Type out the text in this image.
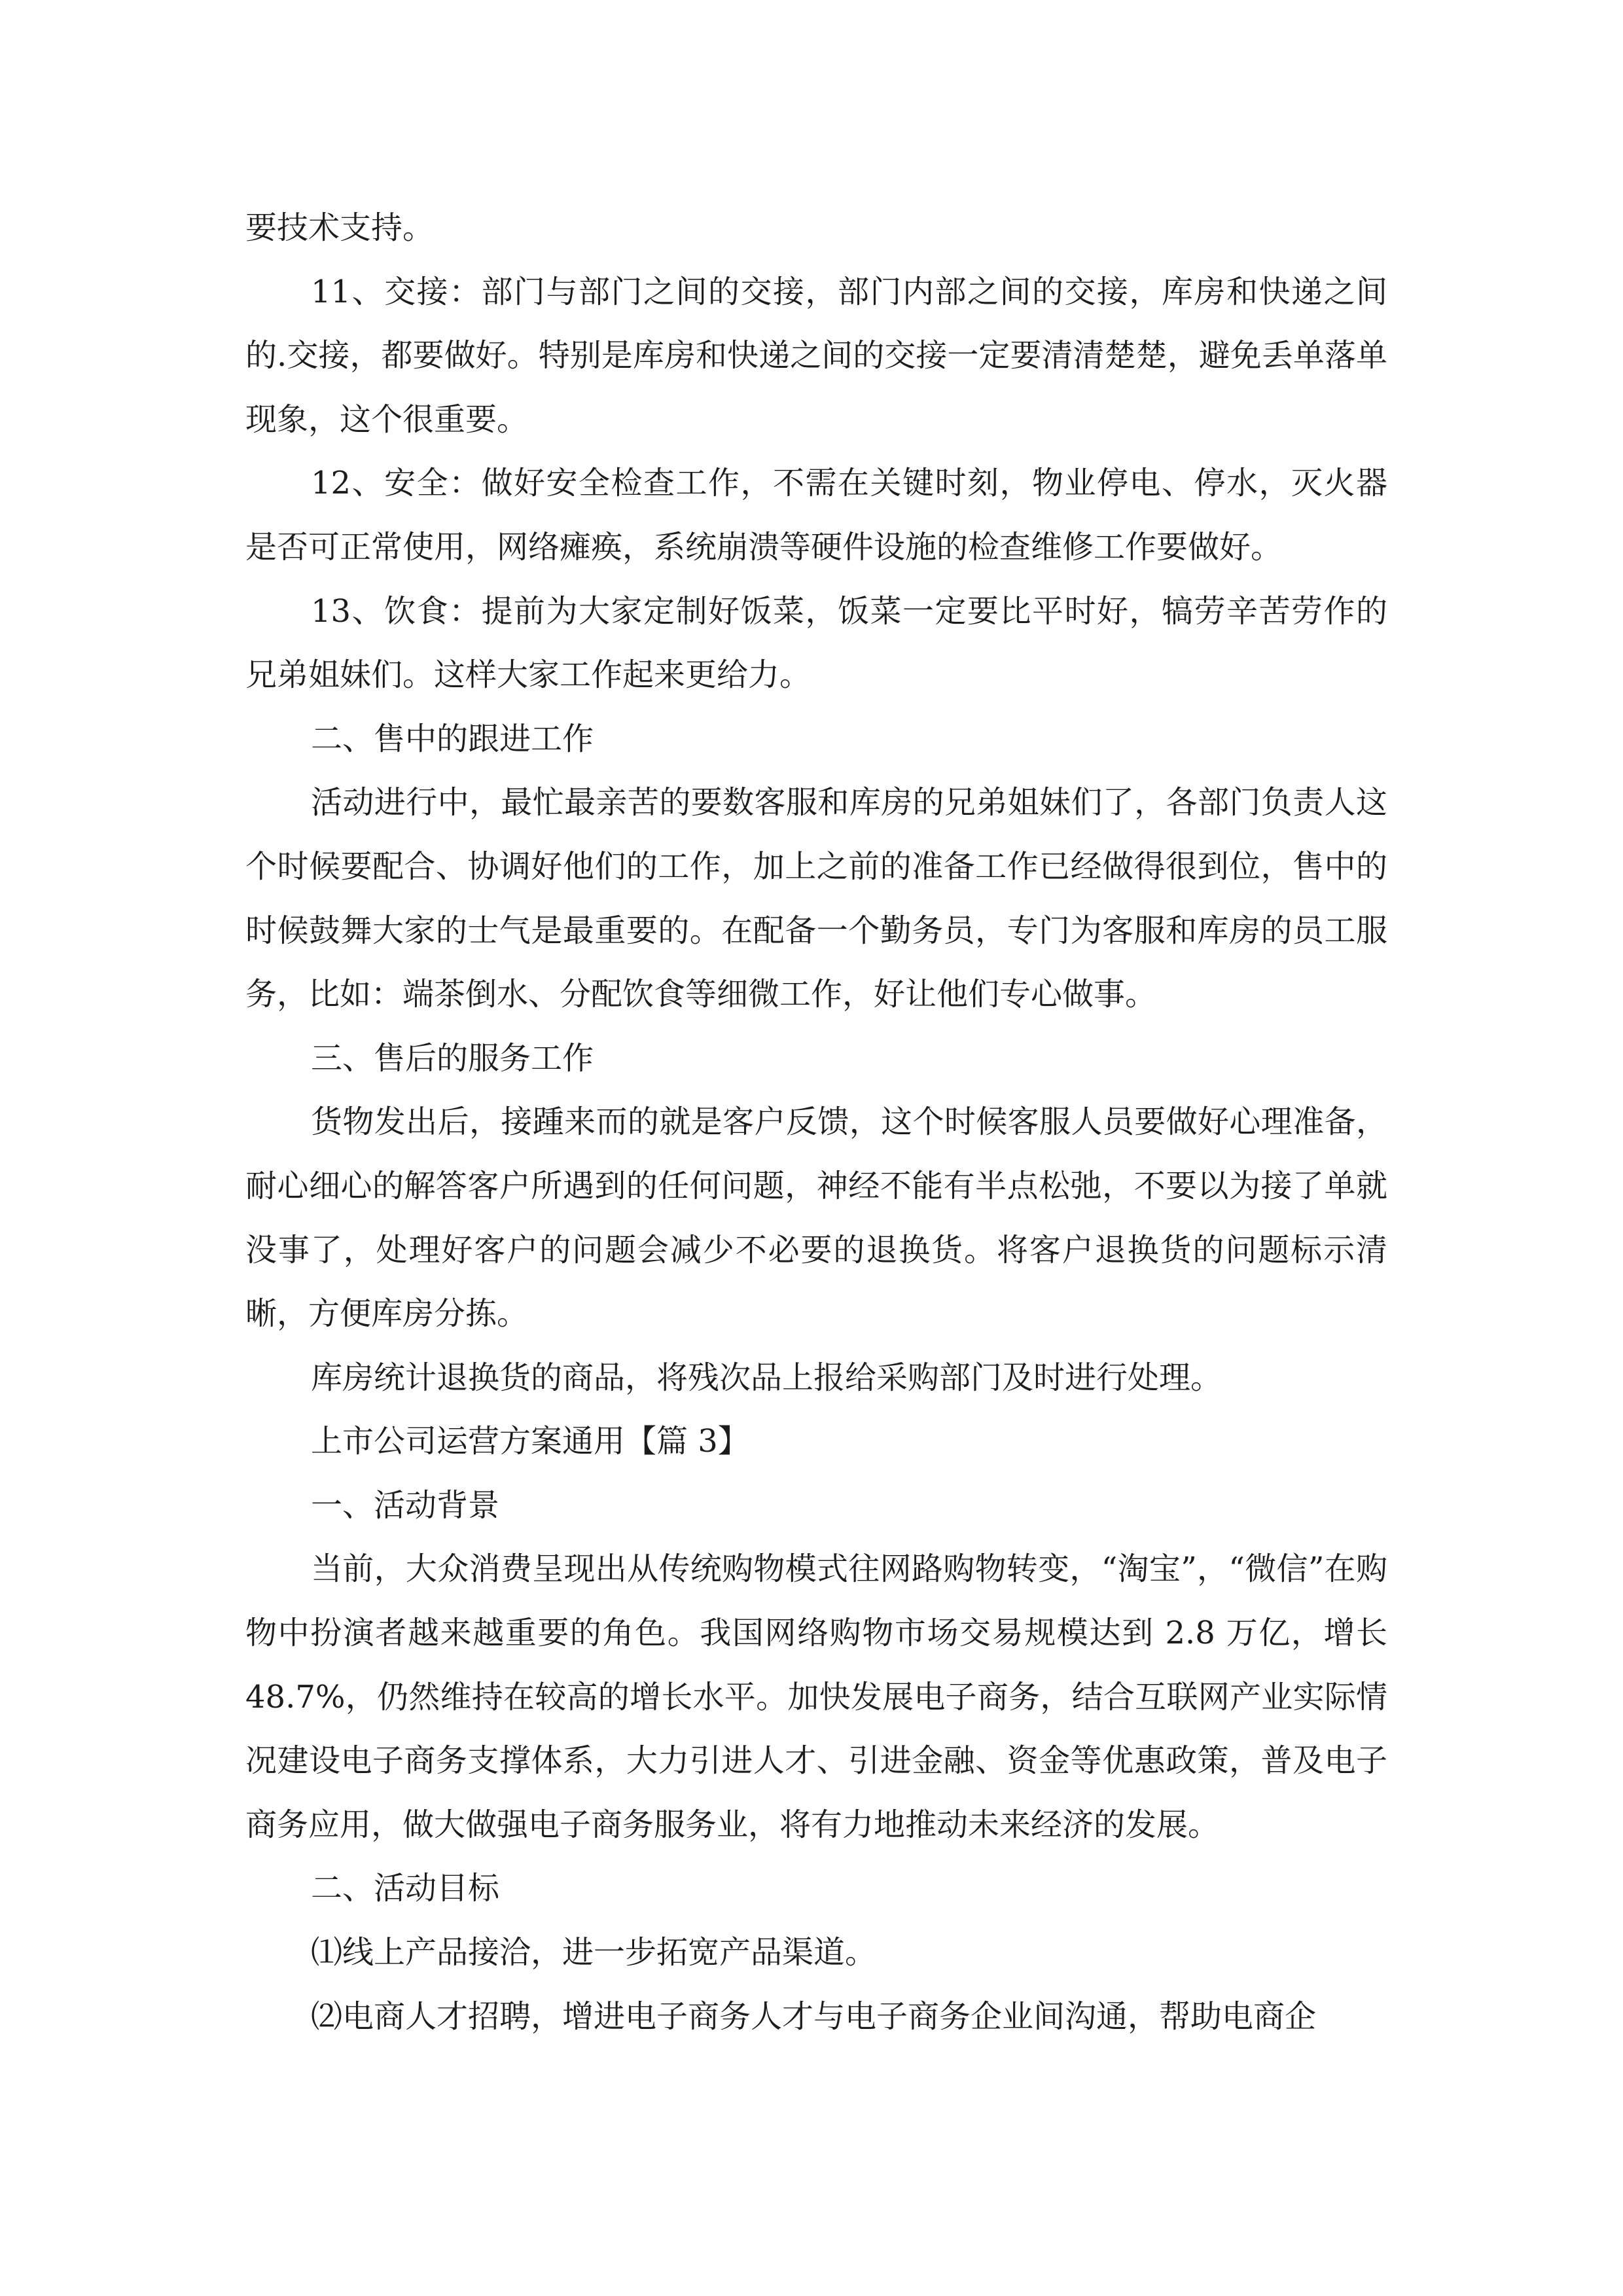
要技术支持。

11、交接：部门与部门之间的交接，部门内部之间的交接，库房和快递之间的.交接，都要做好。特别是库房和快递之间的交接一定要清清楚楚，避免丢单落单现象，这个很重要。

12、安全：做好安全检查工作，不需在关键时刻，物业停电、停水，灭火器是否可正常使用，网络瘫痪，系统崩溃等硬件设施的检查维修工作要做好。

13、饮食：提前为大家定制好饭菜，饭菜一定要比平时好，犒劳辛苦劳作的兄弟姐妹们。这样大家工作起来更给力。

二、售中的跟进工作

活动进行中，最忙最亲苦的要数客服和库房的兄弟姐妹们了，各部门负责人这个时候要配合、协调好他们的工作，加上之前的准备工作已经做得很到位，售中的时候鼓舞大家的士气是最重要的。在配备一个勤务员，专门为客服和库房的员工服务，比如：端茶倒水、分配饮食等细微工作，好让他们专心做事。

三、售后的服务工作

货物发出后，接踵来而的就是客户反馈，这个时候客服人员要做好心理准备，耐心细心的解答客户所遇到的任何问题，神经不能有半点松弛，不要以为接了单就没事了，处理好客户的问题会减少不必要的退换货。将客户退换货的问题标示清晰，方便库房分拣。

库房统计退换货的商品，将残次品上报给采购部门及时进行处理。

上市公司运营方案通用【篇 3】

一、活动背景

当前，大众消费呈现出从传统购物模式往网路购物转变，“淘宝”，“微信”在购物中扮演者越来越重要的角色。我国网络购物市场交易规模达到 2.8 万亿，增长 48.7%，仍然维持在较高的增长水平。加快发展电子商务，结合互联网产业实际情况建设电子商务支撑体系，大力引进人才、引进金融、资金等优惠政策，普及电子商务应用，做大做强电子商务服务业，将有力地推动未来经济的发展。

二、活动目标

⑴线上产品接洽，进一步拓宽产品渠道。

⑵电商人才招聘，增进电子商务人才与电子商务企业间沟通，帮助电商企
